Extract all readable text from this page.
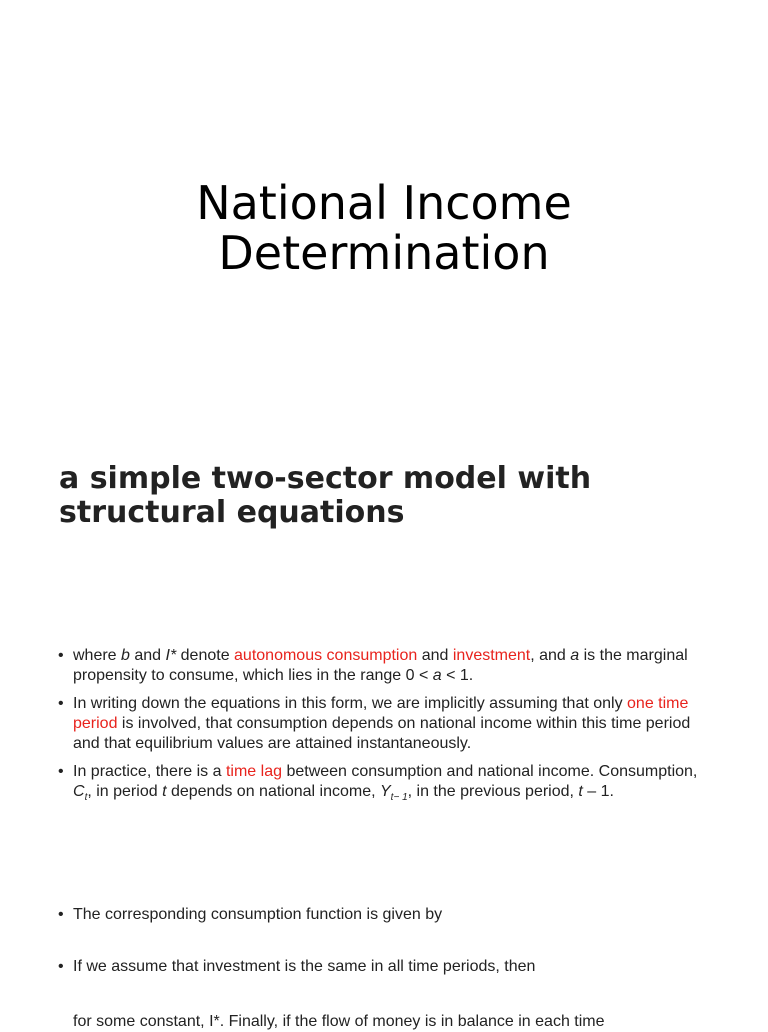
National Income
Determination
a simple two-sector model with
structural equations
• where b and I* denote autonomous consumption and investment, and a is the marginal propensity to consume, which lies in the range 0 < a < 1.
• In writing down the equations in this form, we are implicitly assuming that only one time period is involved, that consumption depends on national income within this time period and that equilibrium values are attained instantaneously.
• In practice, there is a time lag between consumption and national income. Consumption, $C_t$, in period t depends on national income, $Y_{t- 1}$, in the previous period, t – 1.
• The corresponding consumption function is given by
• If we assume that investment is the same in all time periods, then
for some constant, I*. Finally, if the flow of money is in balance in each time
